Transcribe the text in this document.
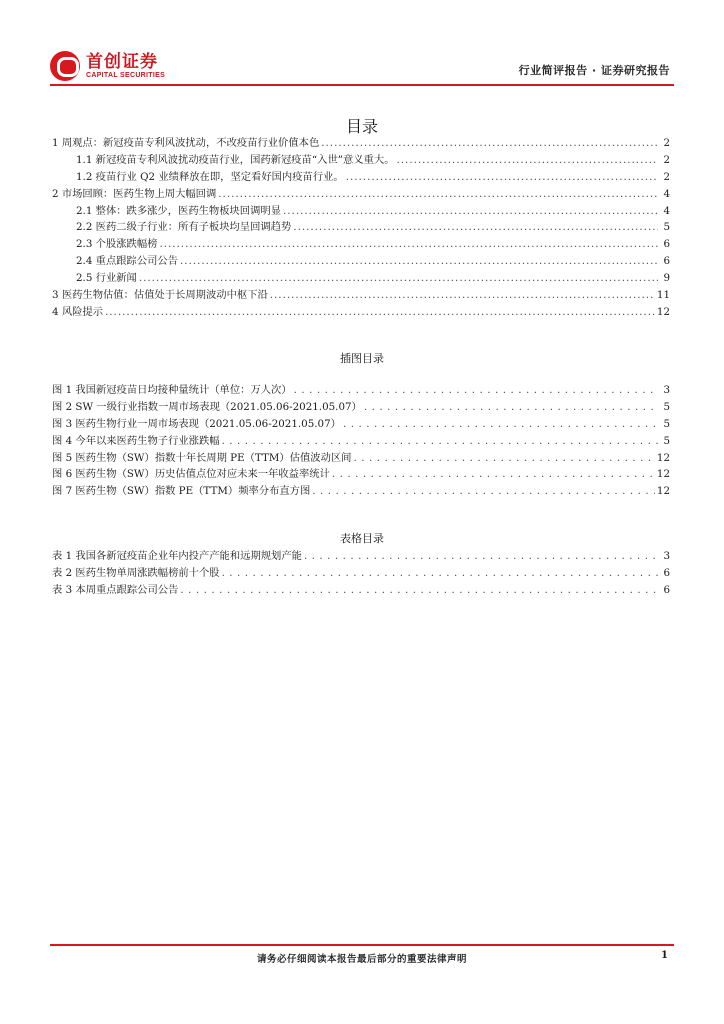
首创证券
CAPITAL SECURITIES	行业简评报告 · 证券研究报告
目录
1 周观点：新冠疫苗专利风波扰动，不改疫苗行业价值本色 .....	2
1.1 新冠疫苗专利风波扰动疫苗行业，国药新冠疫苗“入世”意义重大。 .....	2
1.2 疫苗行业 Q2 业绩释放在即，坚定看好国内疫苗行业。 .....	2
2 市场回顾：医药生物上周大幅回调 .....	4
2.1 整体：跌多涨少，医药生物板块回调明显 .....	4
2.2 医药二级子行业：所有子板块均呈回调趋势 .....	5
2.3 个股涨跌幅榜 .....	6
2.4 重点跟踪公司公告 .....	6
2.5 行业新闻 .....	9
3 医药生物估值：估值处于长周期波动中枢下沿 .....	11
4 风险提示 .....	12
插图目录
图 1 我国新冠疫苗日均接种量统计（单位：万人次） . . .	3
图 2 SW 一级行业指数一周市场表现（2021.05.06-2021.05.07） . . .	5
图 3 医药生物行业一周市场表现（2021.05.06-2021.05.07） . . .	5
图 4 今年以来医药生物子行业涨跌幅 . . .	5
图 5 医药生物（SW）指数十年长周期 PE（TTM）估值波动区间 . . .	12
图 6 医药生物（SW）历史估值点位对应未来一年收益率统计 . . .	12
图 7 医药生物（SW）指数 PE（TTM）频率分布直方图 . . .	12
表格目录
表 1 我国各新冠疫苗企业年内投产产能和远期规划产能 . . .	3
表 2 医药生物单周涨跌幅榜前十个股 . . .	6
表 3 本周重点跟踪公司公告 . . .	6
请务必仔细阅读本报告最后部分的重要法律声明	1
